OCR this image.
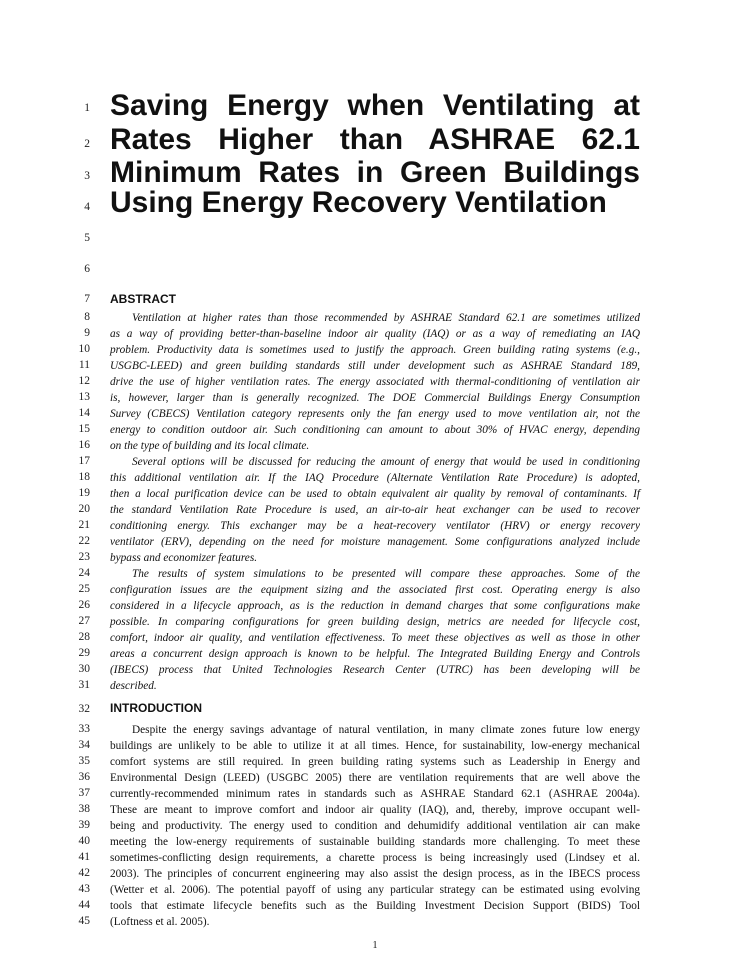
1
2
3
4
5
6
7
8
9
10
11
12
13
14
15
16
17
18
19
20
21
22
23
24
25
26
27
28
29
30
31
32
33
34
35
36
37
38
39
40
41
42
43
44
45
Saving Energy when Ventilating at
Rates Higher than ASHRAE 62.1
Minimum Rates in Green Buildings
Using Energy Recovery Ventilation
ABSTRACT
Ventilation at higher rates than those recommended by ASHRAE Standard 62.1 are sometimes utilized
as a way of providing better-than-baseline indoor air quality (IAQ) or as a way of remediating an IAQ
problem. Productivity data is sometimes used to justify the approach. Green building rating systems (e.g.,
USGBC-LEED) and green building standards still under development such as ASHRAE Standard 189,
drive the use of higher ventilation rates. The energy associated with thermal-conditioning of ventilation air
is, however, larger than is generally recognized. The DOE Commercial Buildings Energy Consumption
Survey (CBECS) Ventilation category represents only the fan energy used to move ventilation air, not the
energy to condition outdoor air. Such conditioning can amount to about 30% of HVAC energy, depending
on the type of building and its local climate.
Several options will be discussed for reducing the amount of energy that would be used in conditioning
this additional ventilation air. If the IAQ Procedure (Alternate Ventilation Rate Procedure) is adopted,
then a local purification device can be used to obtain equivalent air quality by removal of contaminants. If
the standard Ventilation Rate Procedure is used, an air-to-air heat exchanger can be used to recover
conditioning energy. This exchanger may be a heat-recovery ventilator (HRV) or energy recovery
ventilator (ERV), depending on the need for moisture management. Some configurations analyzed include
bypass and economizer features.
The results of system simulations to be presented will compare these approaches. Some of the
configuration issues are the equipment sizing and the associated first cost. Operating energy is also
considered in a lifecycle approach, as is the reduction in demand charges that some configurations make
possible. In comparing configurations for green building design, metrics are needed for lifecycle cost,
comfort, indoor air quality, and ventilation effectiveness. To meet these objectives as well as those in other
areas a concurrent design approach is known to be helpful. The Integrated Building Energy and Controls
(IBECS) process that United Technologies Research Center (UTRC) has been developing will be
described.
INTRODUCTION
Despite the energy savings advantage of natural ventilation, in many climate zones future low energy
buildings are unlikely to be able to utilize it at all times. Hence, for sustainability, low-energy mechanical
comfort systems are still required. In green building rating systems such as Leadership in Energy and
Environmental Design (LEED) (USGBC 2005) there are ventilation requirements that are well above the
currently-recommended minimum rates in standards such as ASHRAE Standard 62.1 (ASHRAE 2004a).
These are meant to improve comfort and indoor air quality (IAQ), and, thereby, improve occupant well-
being and productivity. The energy used to condition and dehumidify additional ventilation air can make
meeting the low-energy requirements of sustainable building standards more challenging. To meet these
sometimes-conflicting design requirements, a charette process is being increasingly used (Lindsey et al.
2003). The principles of concurrent engineering may also assist the design process, as in the IBECS process
(Wetter et al. 2006). The potential payoff of using any particular strategy can be estimated using evolving
tools that estimate lifecycle benefits such as the Building Investment Decision Support (BIDS) Tool
(Loftness et al. 2005).
1
